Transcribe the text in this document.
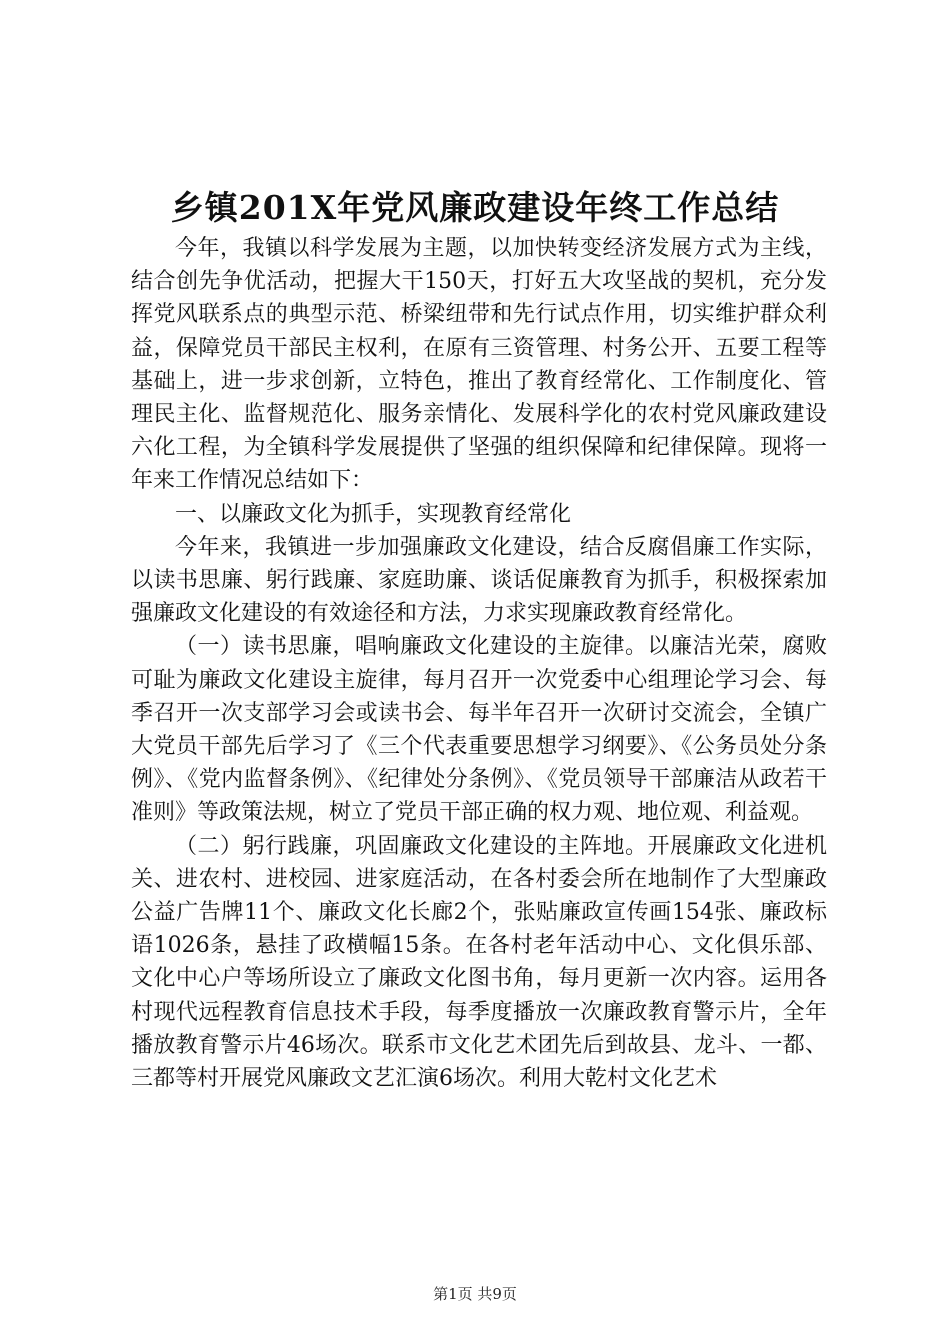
乡镇201X年党风廉政建设年终工作总结

今年，我镇以科学发展为主题，以加快转变经济发展方式为主线，结合创先争优活动，把握大干150天，打好五大攻坚战的契机，充分发挥党风联系点的典型示范、桥梁纽带和先行试点作用，切实维护群众利益，保障党员干部民主权利，在原有三资管理、村务公开、五要工程等基础上，进一步求创新，立特色，推出了教育经常化、工作制度化、管理民主化、监督规范化、服务亲情化、发展科学化的农村党风廉政建设六化工程，为全镇科学发展提供了坚强的组织保障和纪律保障。现将一年来工作情况总结如下：

一、以廉政文化为抓手，实现教育经常化

今年来，我镇进一步加强廉政文化建设，结合反腐倡廉工作实际，以读书思廉、躬行践廉、家庭助廉、谈话促廉教育为抓手，积极探索加强廉政文化建设的有效途径和方法，力求实现廉政教育经常化。

（一）读书思廉，唱响廉政文化建设的主旋律。以廉洁光荣，腐败可耻为廉政文化建设主旋律，每月召开一次党委中心组理论学习会、每季召开一次支部学习会或读书会、每半年召开一次研讨交流会，全镇广大党员干部先后学习了《三个代表重要思想学习纲要》、《公务员处分条例》、《党内监督条例》、《纪律处分条例》、《党员领导干部廉洁从政若干准则》等政策法规，树立了党员干部正确的权力观、地位观、利益观。

（二）躬行践廉，巩固廉政文化建设的主阵地。开展廉政文化进机关、进农村、进校园、进家庭活动，在各村委会所在地制作了大型廉政公益广告牌11个、廉政文化长廊2个，张贴廉政宣传画154张、廉政标语1026条，悬挂了政横幅15条。在各村老年活动中心、文化俱乐部、文化中心户等场所设立了廉政文化图书角，每月更新一次内容。运用各村现代远程教育信息技术手段，每季度播放一次廉政教育警示片，全年播放教育警示片46场次。联系市文化艺术团先后到故县、龙斗、一都、三都等村开展党风廉政文艺汇演6场次。利用大乾村文化艺术

第1页 共9页
